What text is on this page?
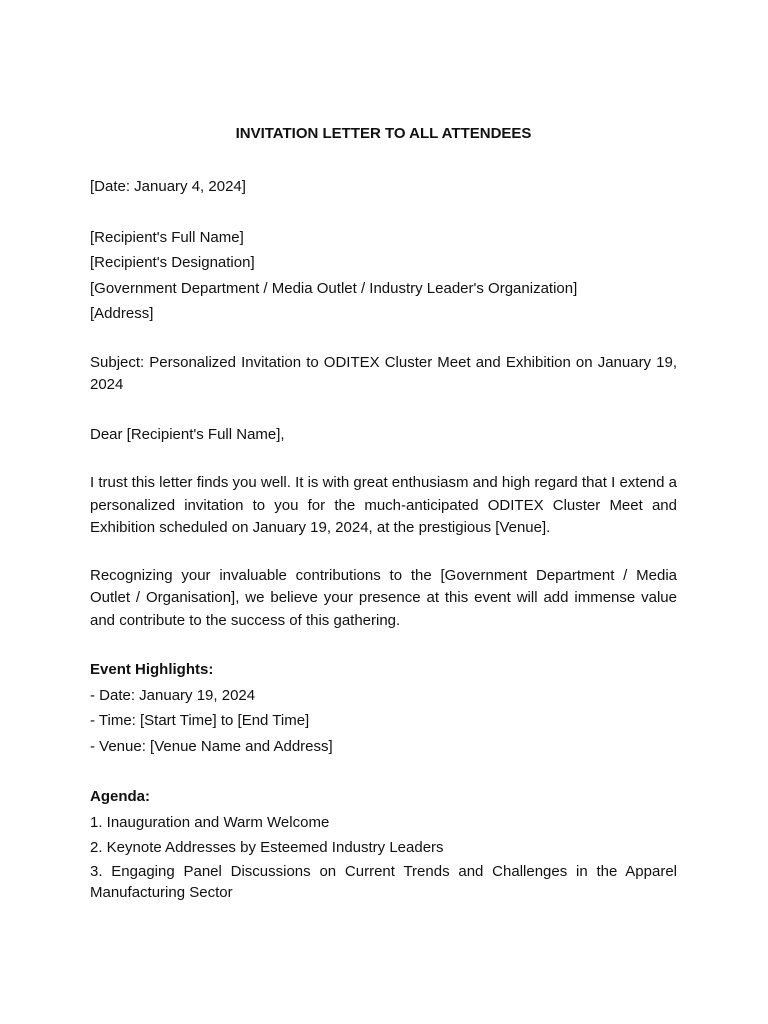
INVITATION LETTER TO ALL ATTENDEES
[Date: January 4, 2024]
[Recipient's Full Name]
[Recipient's Designation]
[Government Department / Media Outlet / Industry Leader's Organization]
[Address]
Subject: Personalized Invitation to ODITEX Cluster Meet and Exhibition on January 19, 2024
Dear [Recipient's Full Name],
I trust this letter finds you well. It is with great enthusiasm and high regard that I extend a personalized invitation to you for the much-anticipated ODITEX Cluster Meet and Exhibition scheduled on January 19, 2024, at the prestigious [Venue].
Recognizing your invaluable contributions to the [Government Department / Media Outlet / Organisation], we believe your presence at this event will add immense value and contribute to the success of this gathering.
Event Highlights:
- Date: January 19, 2024
- Time: [Start Time] to [End Time]
- Venue: [Venue Name and Address]
Agenda:
1. Inauguration and Warm Welcome
2. Keynote Addresses by Esteemed Industry Leaders
3. Engaging Panel Discussions on Current Trends and Challenges in the Apparel Manufacturing Sector
